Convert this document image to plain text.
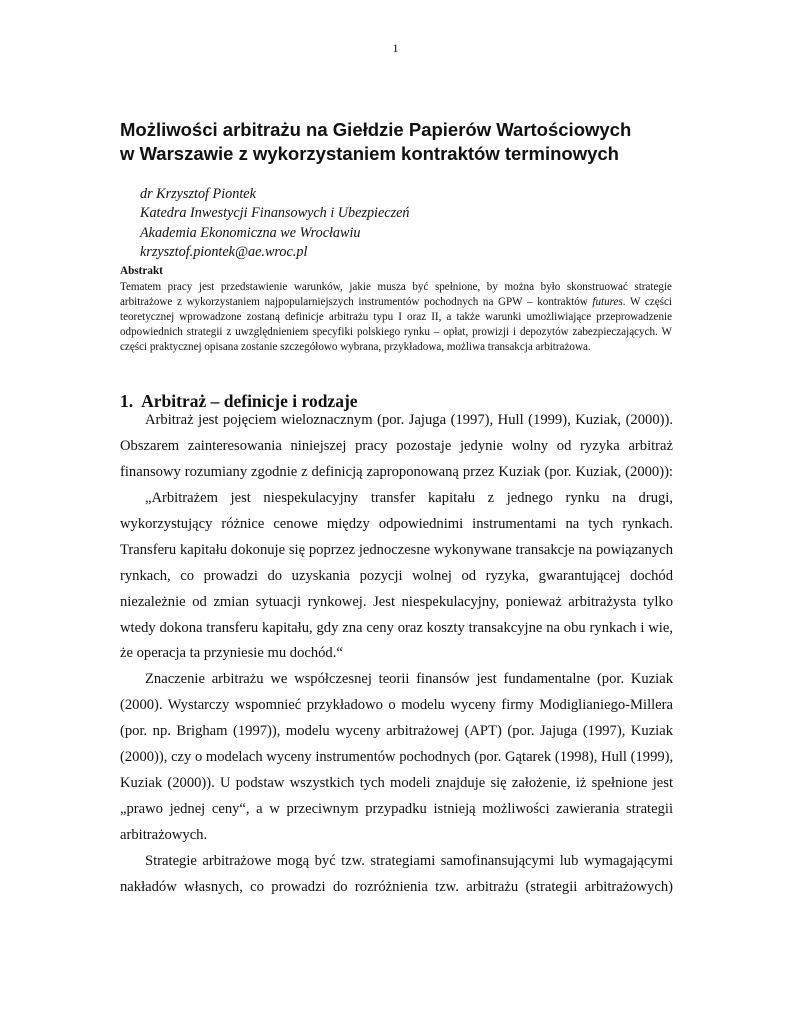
1
Możliwości arbitrażu na Giełdzie Papierów Wartościowych
w Warszawie z wykorzystaniem kontraktów terminowych
dr Krzysztof Piontek
Katedra Inwestycji Finansowych i Ubezpieczeń
Akademia Ekonomiczna we Wrocławiu
krzysztof.piontek@ae.wroc.pl

Abstrakt

Tematem pracy jest przedstawienie warunków, jakie musza być spełnione, by można było skonstruować strategie arbitrażowe z wykorzystaniem najpopularniejszych instrumentów pochodnych na GPW – kontraktów futures. W części teoretycznej wprowadzone zostaną definicje arbitrażu typu I oraz II, a także warunki umożliwiające przeprowadzenie odpowiednich strategii z uwzględnieniem specyfiki polskiego rynku – opłat, prowizji i depozytów zabezpieczających. W części praktycznej opisana zostanie szczegółowo wybrana, przykładowa, możliwa transakcja arbitrażowa.

1. Arbitraż – definicje i rodzaje
Arbitraż jest pojęciem wieloznacznym (por. Jajuga (1997), Hull (1999), Kuziak, (2000)).
Obszarem zainteresowania niniejszej pracy pozostaje jedynie wolny od ryzyka arbitraż
finansowy rozumiany zgodnie z definicją zaproponowaną przez Kuziak (por. Kuziak, (2000)):
„Arbitrażem jest niespekulacyjny transfer kapitału z jednego rynku na drugi,
wykorzystujący różnice cenowe między odpowiednimi instrumentami na tych rynkach.
Transferu kapitału dokonuje się poprzez jednoczesne wykonywane transakcje na powiązanych
rynkach, co prowadzi do uzyskania pozycji wolnej od ryzyka, gwarantującej dochód
niezależnie od zmian sytuacji rynkowej. Jest niespekulacyjny, ponieważ arbitrażysta tylko
wtedy dokona transferu kapitału, gdy zna ceny oraz koszty transakcyjne na obu rynkach i wie,
że operacja ta przyniesie mu dochód.“
Znaczenie arbitrażu we współczesnej teorii finansów jest fundamentalne (por. Kuziak
(2000). Wystarczy wspomnieć przykładowo o modelu wyceny firmy Modiglianiego-Millera
(por. np. Brigham (1997)), modelu wyceny arbitrażowej (APT) (por. Jajuga (1997), Kuziak
(2000)), czy o modelach wyceny instrumentów pochodnych (por. Gątarek (1998), Hull (1999),
Kuziak (2000)). U podstaw wszystkich tych modeli znajduje się założenie, iż spełnione jest
„prawo jednej ceny“, a w przeciwnym przypadku istnieją możliwości zawierania strategii
arbitrażowych.
Strategie arbitrażowe mogą być tzw. strategiami samofinansującymi lub wymagającymi
nakładów własnych, co prowadzi do rozróżnienia tzw. arbitrażu (strategii arbitrażowych)
